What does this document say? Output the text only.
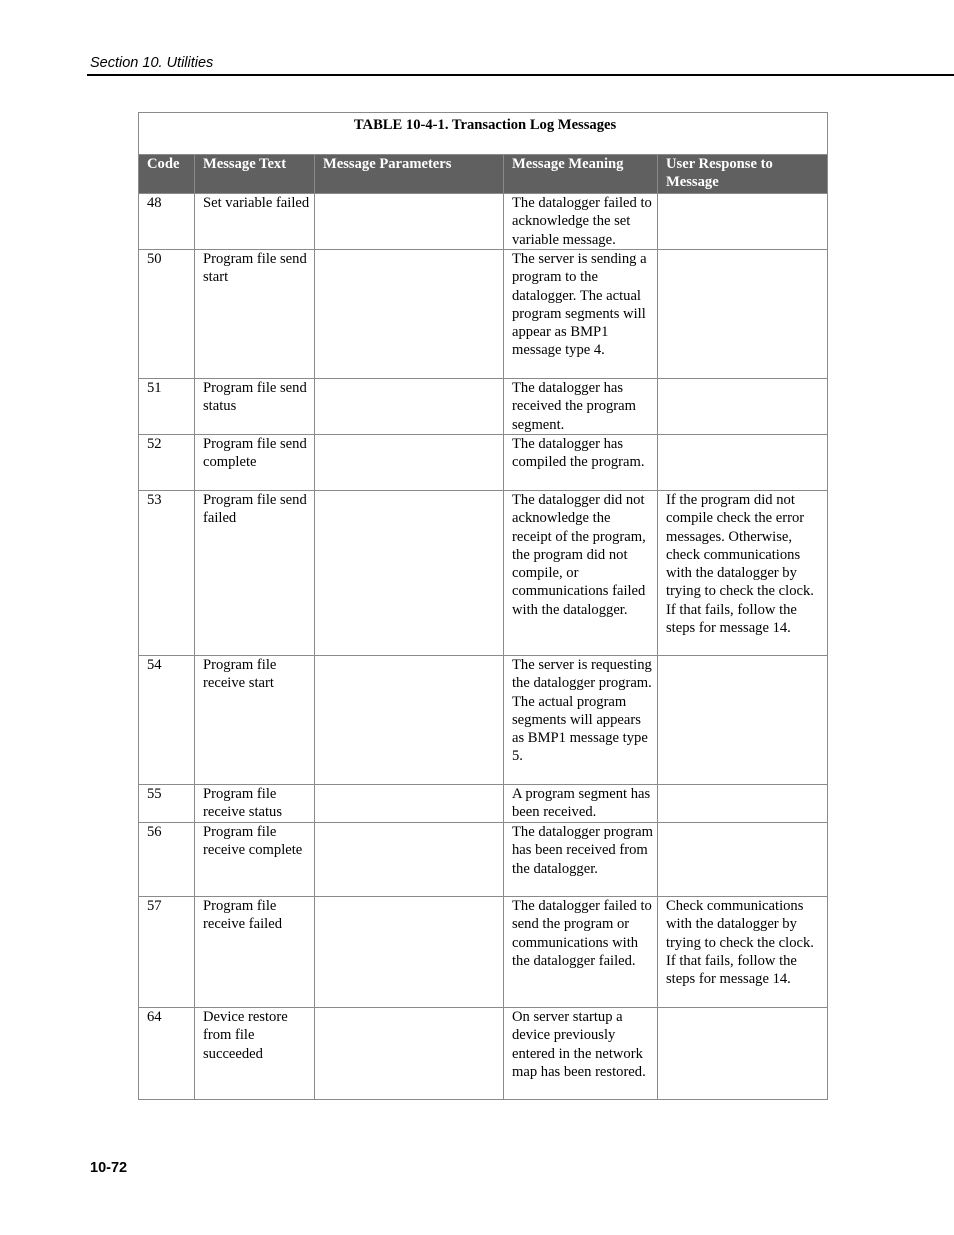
Section 10. Utilities
TABLE 10-4-1. Transaction Log Messages				
Code	Message Text	Message Parameters	Message Meaning	User Response to Message
48	Set variable failed		The datalogger failed to acknowledge the set variable message.	
50	Program file send start		The server is sending a program to the datalogger. The actual program segments will appear as BMP1 message type 4.	
51	Program file send status		The datalogger has received the program segment.	
52	Program file send complete		The datalogger has compiled the program.	
53	Program file send failed		The datalogger did not acknowledge the receipt of the program, the program did not compile, or communications failed with the datalogger.	If the program did not compile check the error messages. Otherwise, check communications with the datalogger by trying to check the clock. If that fails, follow the steps for message 14.
54	Program file receive start		The server is requesting the datalogger program. The actual program segments will appears as BMP1 message type 5.	
55	Program file receive status		A program segment has been received.	
56	Program file receive complete		The datalogger program has been received from the datalogger.	
57	Program file receive failed		The datalogger failed to send the program or communications with the datalogger failed.	Check communications with the datalogger by trying to check the clock. If that fails, follow the steps for message 14.
64	Device restore from file succeeded		On server startup a device previously entered in the network map has been restored.	
10-72
